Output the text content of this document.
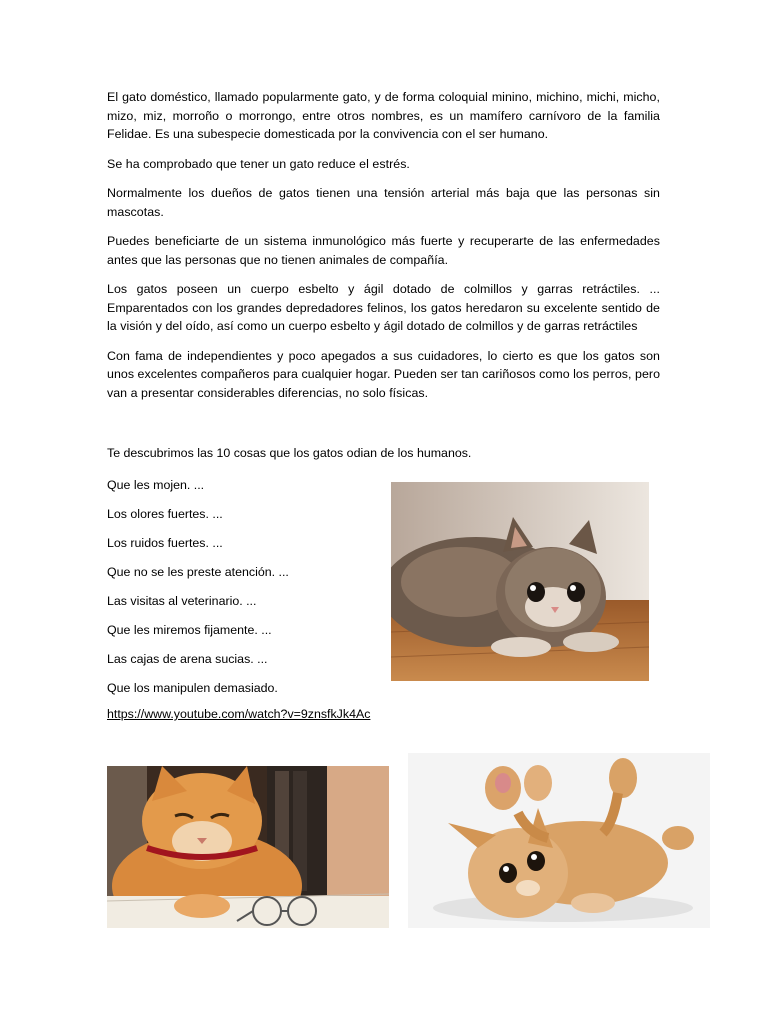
El gato doméstico, llamado popularmente gato, y de forma coloquial minino, michino, michi, micho, mizo, miz, morroño o morrongo, entre otros nombres, es un mamífero carnívoro de la familia Felidae. Es una subespecie domesticada por la convivencia con el ser humano.

Se ha comprobado que tener un gato reduce el estrés.

Normalmente los dueños de gatos tienen una tensión arterial más baja que las personas sin mascotas.

Puedes beneficiarte de un sistema inmunológico más fuerte y recuperarte de las enfermedades antes que las personas que no tienen animales de compañía.

Los gatos poseen un cuerpo esbelto y ágil dotado de colmillos y garras retráctiles. ... Emparentados con los grandes depredadores felinos, los gatos heredaron su excelente sentido de la visión y del oído, así como un cuerpo esbelto y ágil dotado de colmillos y de garras retráctiles

Con fama de independientes y poco apegados a sus cuidadores, lo cierto es que los gatos son unos excelentes compañeros para cualquier hogar. Pueden ser tan cariñosos como los perros, pero van a presentar considerables diferencias, no solo físicas.

Te descubrimos las 10 cosas que los gatos odian de los humanos.

Que les mojen. ...
Los olores fuertes. ...
Los ruidos fuertes. ...
Que no se les preste atención. ...
Las visitas al veterinario. ...
Que les miremos fijamente. ...
Las cajas de arena sucias. ...
Que los manipulen demasiado.
https://www.youtube.com/watch?v=9znsfkJk4Ac
